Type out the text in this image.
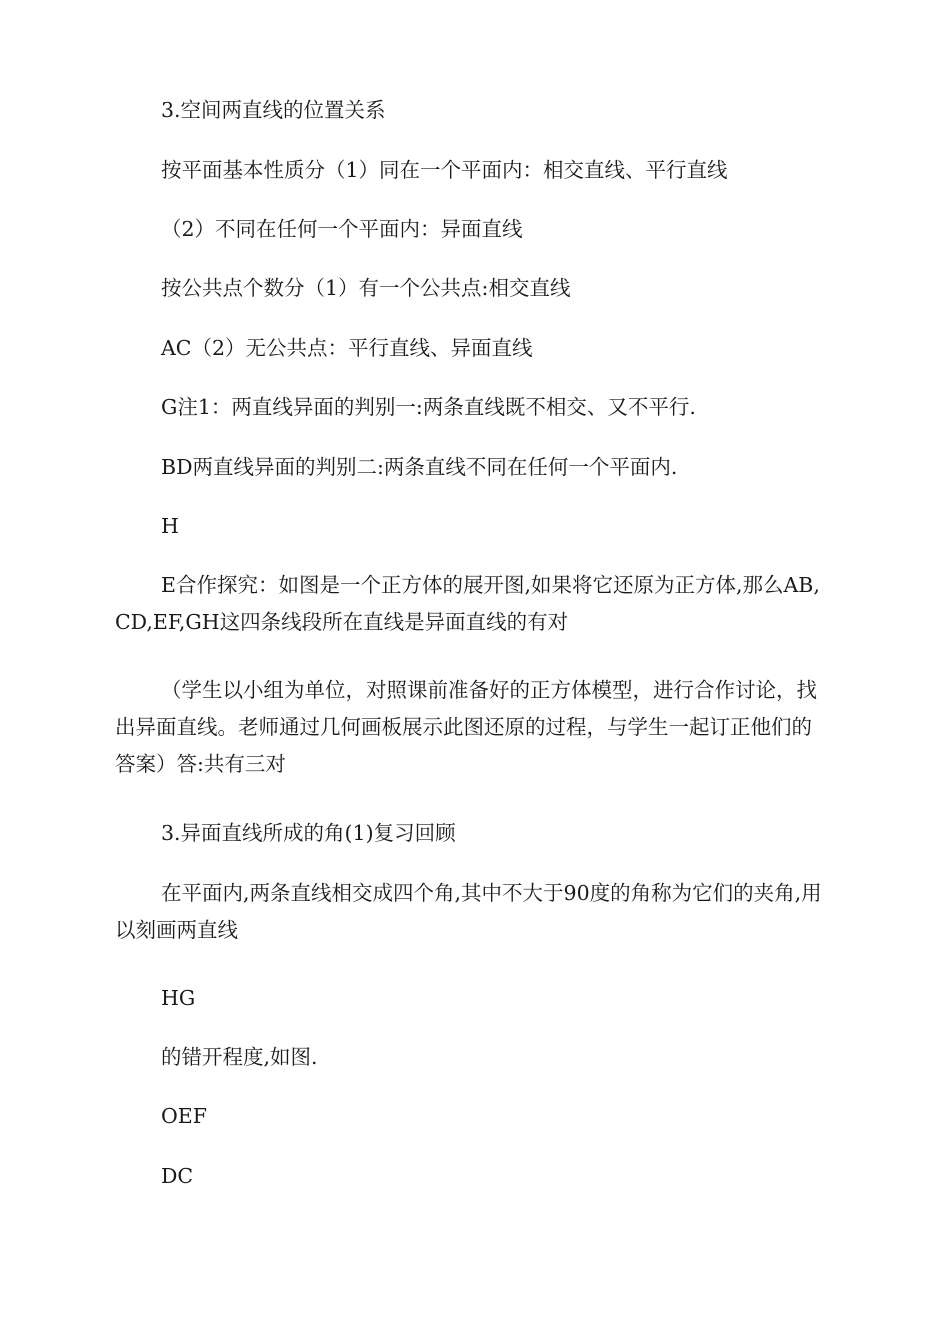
3.空间两直线的位置关系

按平面基本性质分（1）同在一个平面内：相交直线、平行直线

（2）不同在任何一个平面内：异面直线

按公共点个数分（1）有一个公共点:相交直线

AC（2）无公共点：平行直线、异面直线

G注1：两直线异面的判别一:两条直线既不相交、又不平行.

BD两直线异面的判别二:两条直线不同在任何一个平面内.

H

E合作探究：如图是一个正方体的展开图,如果将它还原为正方体,那么AB,CD,EF,GH这四条线段所在直线是异面直线的有对

（学生以小组为单位，对照课前准备好的正方体模型，进行合作讨论，找出异面直线。老师通过几何画板展示此图还原的过程，与学生一起订正他们的答案）答:共有三对

3.异面直线所成的角(1)复习回顾

在平面内,两条直线相交成四个角,其中不大于90度的角称为它们的夹角,用以刻画两直线

HG

的错开程度,如图.

OEF

DC
